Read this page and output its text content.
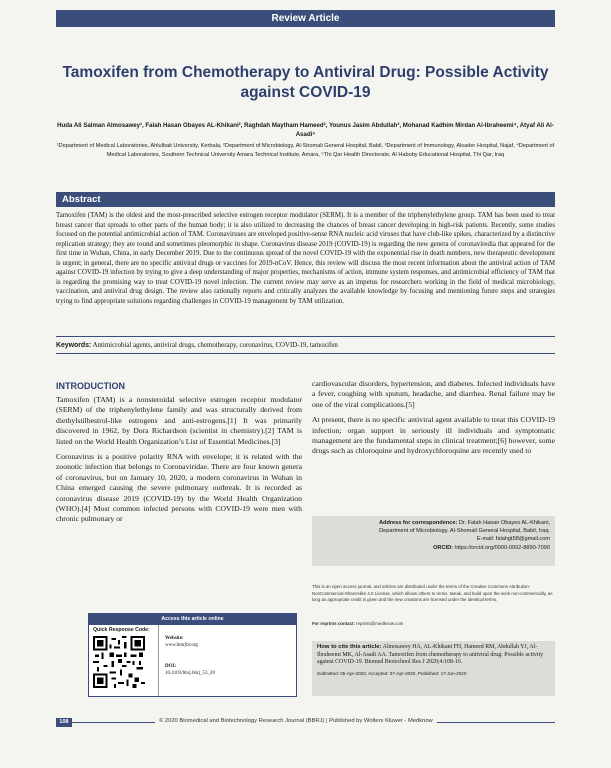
Review Article
Tamoxifen from Chemotherapy to Antiviral Drug: Possible Activity against COVID-19
Huda Ali Salman Almosawey¹, Falah Hasan Obayes AL-Khikani², Raghdah Maytham Hameed², Younus Jasim Abdullah³, Mohanad Kadhim Mirdan Al-Ibraheemi⁴, Atyaf Ali Al-Asadi⁵
¹Department of Medical Laboratories, Ahlulbait University, Kerbala, ²Department of Microbiology, Al-Shomali General Hospital, Babil, ³Department of Immunology, Alsader Hospital, Najaf, ⁴Department of Medical Laboratories, Southern Technical University Amara Technical Institute, Amara, ⁵Thi Qar Health Directorate, Al Haboby Educational Hospital, Thi Qar, Iraq
Abstract
Tamoxifen (TAM) is the oldest and the most-prescribed selective estrogen receptor modulator (SERM). It is a member of the triphenylethylene group. TAM has been used to treat breast cancer that spreads to other parts of the human body; it is also utilized to decreasing the chances of breast cancer developing in high-risk patients. Recently, some studies focused on the potential antimicrobial action of TAM. Coronaviruses are enveloped positive-sense RNA nucleic acid viruses that have club-like spikes, characterized by a distinctive replication strategy; they are round and sometimes pleomorphic in shape. Coronavirus disease 2019 (COVID-19) is regarding the new genera of coronaviredia that appeared for the first time in Wuhan, China, in early December 2019. Due to the continuous spread of the novel COVID-19 with the exponential rise in death numbers, new therapeutic development is urgent; in general, there are no specific antiviral drugs or vaccines for 2019-nCoV. Hence, this review will discuss the most recent information about the antiviral action of TAM against COVID-19 infection by trying to give a deep understanding of major properties, mechanisms of action, immune system responses, and antimicrobial efficiency of TAM that is regarding the promising way to treat COVID-19 novel infection. The current review may serve as an impetus for researchers working in the field of medical microbiology, vaccination, and antiviral drug design. The review also rationally reports and critically analyzes the available knowledge by focusing and mentioning future steps and strategies trying to find appropriate solutions regarding challenges in COVID-19 management by TAM utilization.
Keywords: Antimicrobial agents, antiviral drugs, chemotherapy, coronavirus, COVID-19, tamoxifen
INTRODUCTION

Tamoxifen (TAM) is a nonsteroidal selective estrogen receptor modulator (SERM) of the triphenylethylene family and was structurally derived from diethylstilbestrol-like estrogens and anti-estrogens.[1] It was primarily discovered in 1962, by Dora Richardson (scientist in chemistry).[2] TAM is listed on the World Health Organization’s List of Essential Medicines.[3]

Coronavirus is a positive polarity RNA with envelope; it is related with the zoonotic infection that belongs to Coronaviridae. There are four known genera of coronavirus, but on January 10, 2020, a modern coronavirus in Wuhan in China emerged causing the severe pulmonary outbreak. It is recorded as coronavirus disease 2019 (COVID-19) by the World Health Organization (WHO).[4] Most common infected persons with COVID-19 were men with chronic pulmonary or

cardiovascular disorders, hypertension, and diabetes. Infected individuals have a fever, coughing with sputum, headache, and diarrhea. Renal failure may be one of the viral complications.[5]

At present, there is no specific antiviral agent available to treat this COVID-19 infection; organ support in seriously ill individuals and symptomatic management are the fundamental steps in clinical treatment;[6] however, some drugs such as chloroquine and hydroxychloroquine are recently used to

Address for correspondence: Dr. Falah Hasan Obayes AL-Khikani,
Department of Microbiology, Al-Shomali General Hospital, Babil, Iraq.
E-mail: falahgt58@gmail.com
ORCID: https://orcid.org/0000-0002-8890-7090
This is an open access journal, and articles are distributed under the terms of the Creative Commons Attribution-NonCommercial-ShareAlike 4.0 License, which allows others to remix, tweak, and build upon the work non-commercially, as long as appropriate credit is given and the new creations are licensed under the identical terms.
For reprints contact: reprints@medknow.com
How to cite this article: Almosawey HA, AL-Khikani FH, Hameed RM, Abdullah YJ, Al-Ibraheemi MK, Al-Asadi AA. Tamoxifen from chemotherapy to antiviral drug: Possible activity against COVID-19. Biomed Biotechnol Res J 2020;4:108-16.
Submitted: 05-Apr-2020, Accepted: 07-Apr-2020, Published: 17-Jun-2020
Access this article online
Quick Response Code:
Website:
www.bmrjbr.org
DOI:
10.4103/bbrj.bbrj_53_20
108	© 2020 Biomedical and Biotechnology Research Journal (BBRJ) | Published by Wolters Kluwer - Medknow
